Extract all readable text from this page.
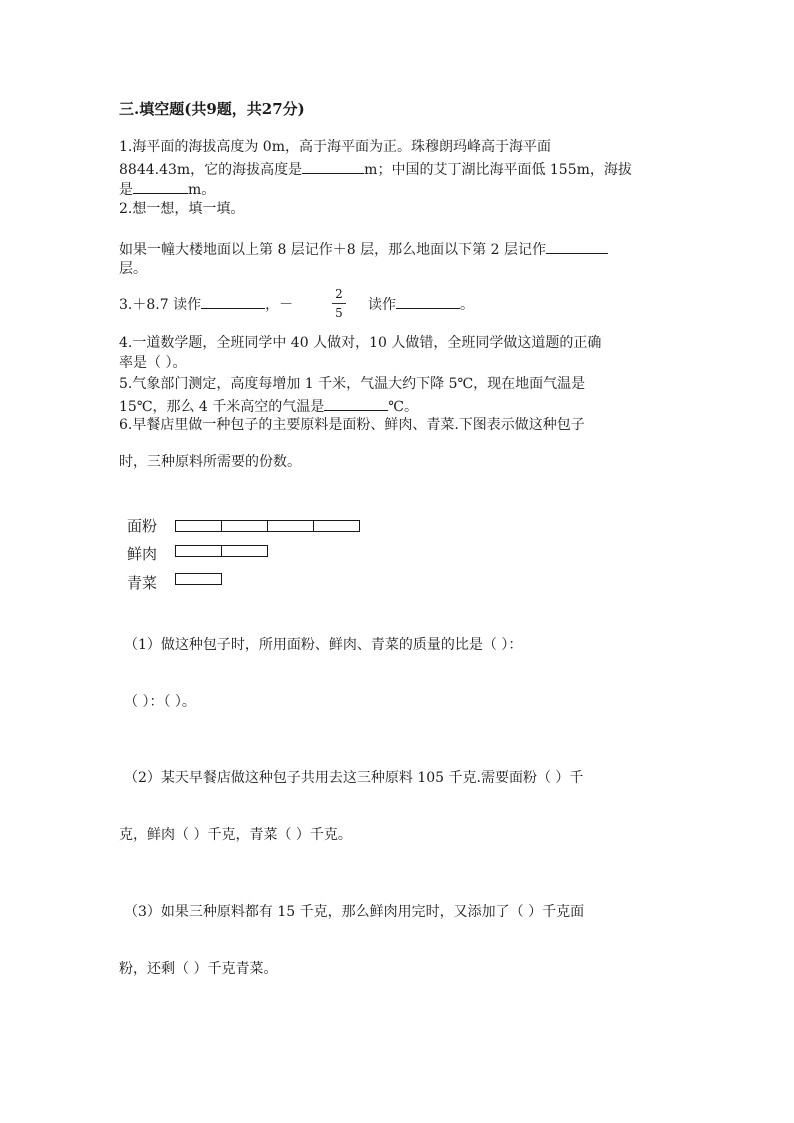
三.填空题(共9题，共27分)
1.海平面的海拔高度为 0m，高于海平面为正。珠穆朗玛峰高于海平面
8844.43m，它的海拔高度是	m；中国的艾丁湖比海平面低 155m，海拔
是	m。
2.想一想，填一填。
如果一幢大楼地面以上第 8 层记作＋8 层，那么地面以下第 2 层记作
层。
3.＋8.7 读作	，－
2
5 读作	。
4.一道数学题，全班同学中 40 人做对，10 人做错，全班同学做这道题的正确
率是（ ）。
5.气象部门测定，高度每增加 1 千米，气温大约下降 5℃，现在地面气温是
15℃，那么 4 千米高空的气温是	℃。
6.早餐店里做一种包子的主要原料是面粉、鲜肉、青菜.下图表示做这种包子
时，三种原料所需要的份数。
面粉
鲜肉
青菜
（1）做这种包子时，所用面粉、鲜肉、青菜的质量的比是（ ）：
（ ）：（ ）。
（2）某天早餐店做这种包子共用去这三种原料 105 千克.需要面粉（ ）千
克，鲜肉（ ）千克，青菜（ ）千克。
（3）如果三种原料都有 15 千克，那么鲜肉用完时，又添加了（ ）千克面
粉，还剩（ ）千克青菜。
